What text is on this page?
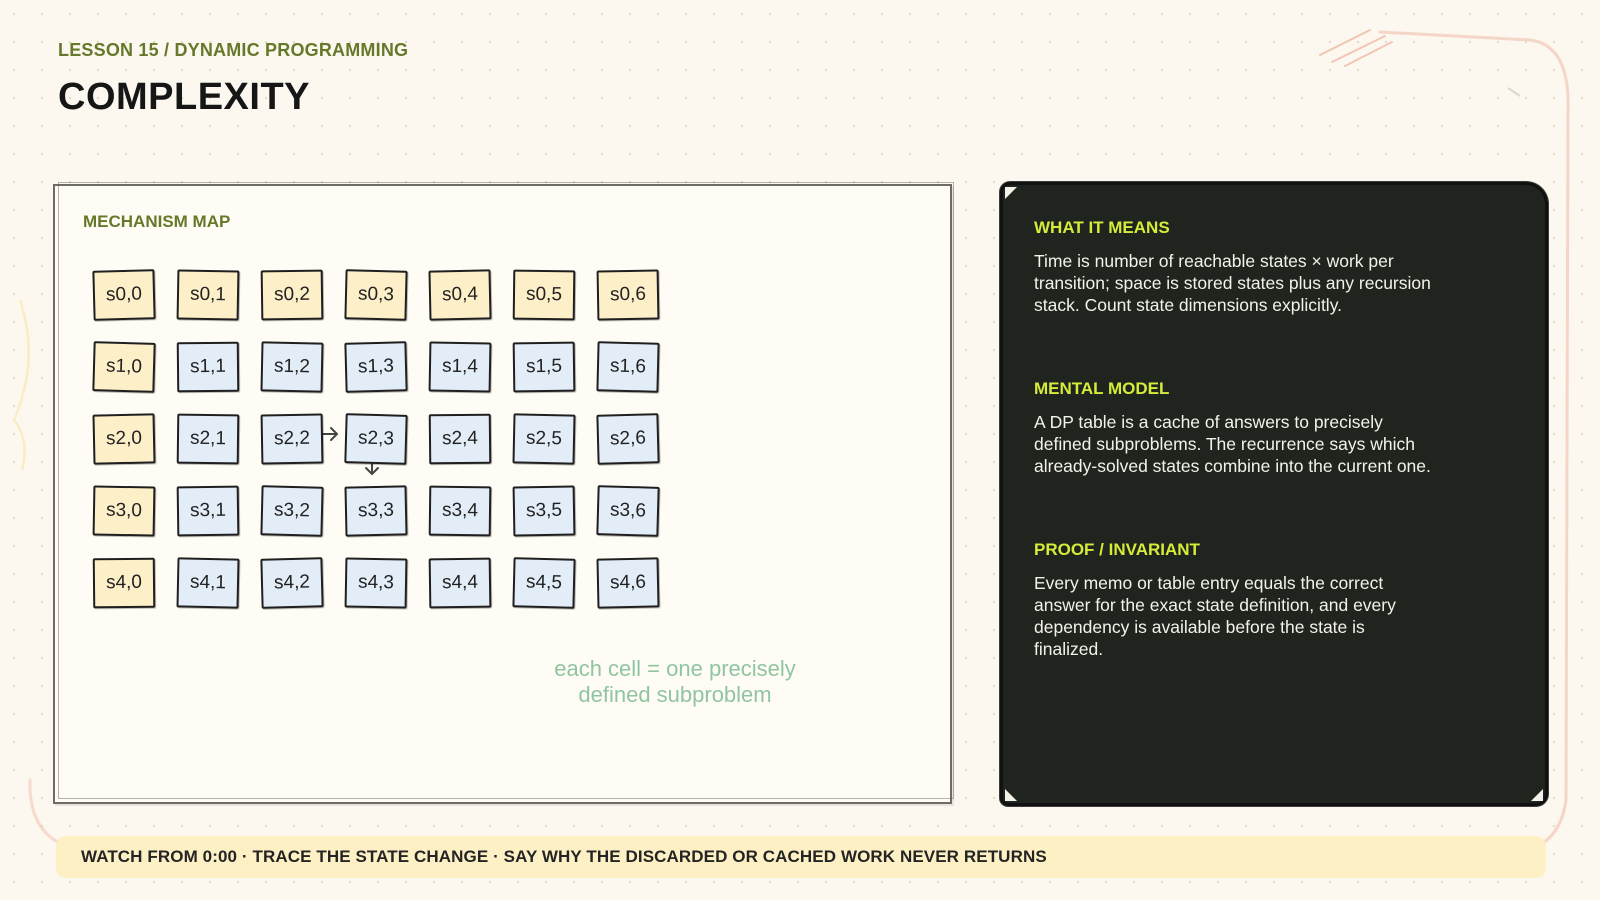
LESSON 15 / DYNAMIC PROGRAMMING
COMPLEXITY
MECHANISM MAP
s0,0	s0,1	s0,2	s0,3	s0,4	s0,5	s0,6
s1,0	s1,1	s1,2	s1,3	s1,4	s1,5	s1,6
s2,0	s2,1	s2,2	s2,3	s2,4	s2,5	s2,6
s3,0	s3,1	s3,2	s3,3	s3,4	s3,5	s3,6
s4,0	s4,1	s4,2	s4,3	s4,4	s4,5	s4,6
each cell = one precisely defined subproblem

WHAT IT MEANS

Time is number of reachable states × work per transition; space is stored states plus any recursion stack. Count state dimensions explicitly.

MENTAL MODEL

A DP table is a cache of answers to precisely defined subproblems. The recurrence says which already-solved states combine into the current one.

PROOF / INVARIANT

Every memo or table entry equals the correct answer for the exact state definition, and every dependency is available before the state is finalized.

WATCH FROM 0:00 · TRACE THE STATE CHANGE · SAY WHY THE DISCARDED OR CACHED WORK NEVER RETURNS
